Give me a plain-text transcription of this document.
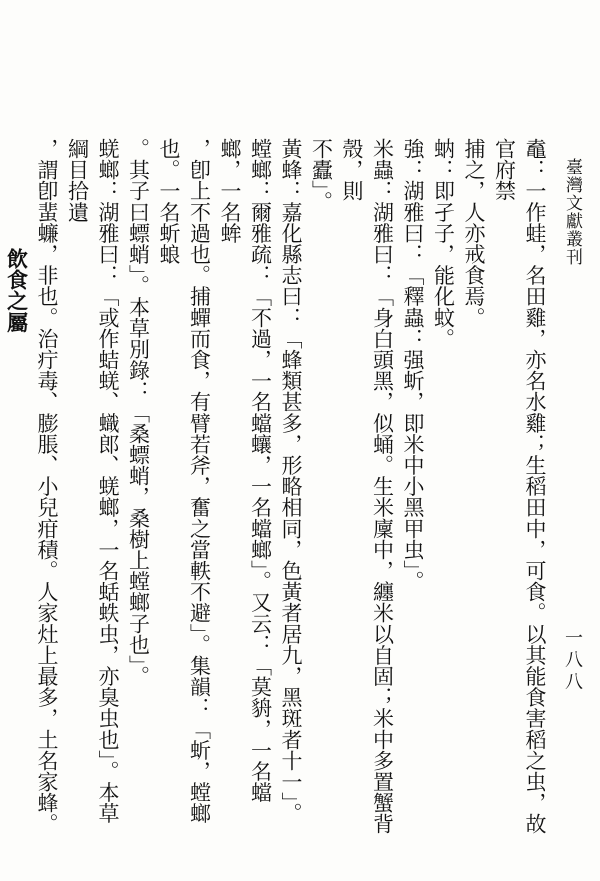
臺灣文獻叢刊
一八八

鼁：一作蛙，名田雞，亦名水雞；生稻田中，可食。以其能食害稻之虫，故官府禁

捕之，人亦戒食焉。

蚋：即孑子，能化蚊。

強：湖雅曰：「釋蟲：强蚚，即米中小黑甲虫」。

米蟲：湖雅曰：「身白頭黑，似蛹。生米廩中，纏米以自固；米中多置蟹背殼，則

不蠹」。

黃蜂：嘉化縣志曰：「蜂類甚多，形略相同，色黃者居九，黑斑者十一」。

螳螂：爾雅疏：「不過，一名蟷蠰，一名蟷螂」。又云：「莫貈，一名蟷螂，一名蛑

，卽上不過也。捕蟬而食，有臂若斧，奮之當軼不避」。集韻：「蚚，螳螂也。一名蚚蜋

。其子曰螵蛸」。本草別錄：「桑螵蛸，桑樹上螳螂子也」。

蜣螂：湖雅曰：「或作蛣蜣、蟙郎、蜣螂，一名蛞蛈虫，亦臭虫也」。本草綱目拾遺

，謂卽蜚蠊，非也。治疔毒、膨脹、小兒疳積。人家灶上最多，土名家蜂。

飲食之屬
